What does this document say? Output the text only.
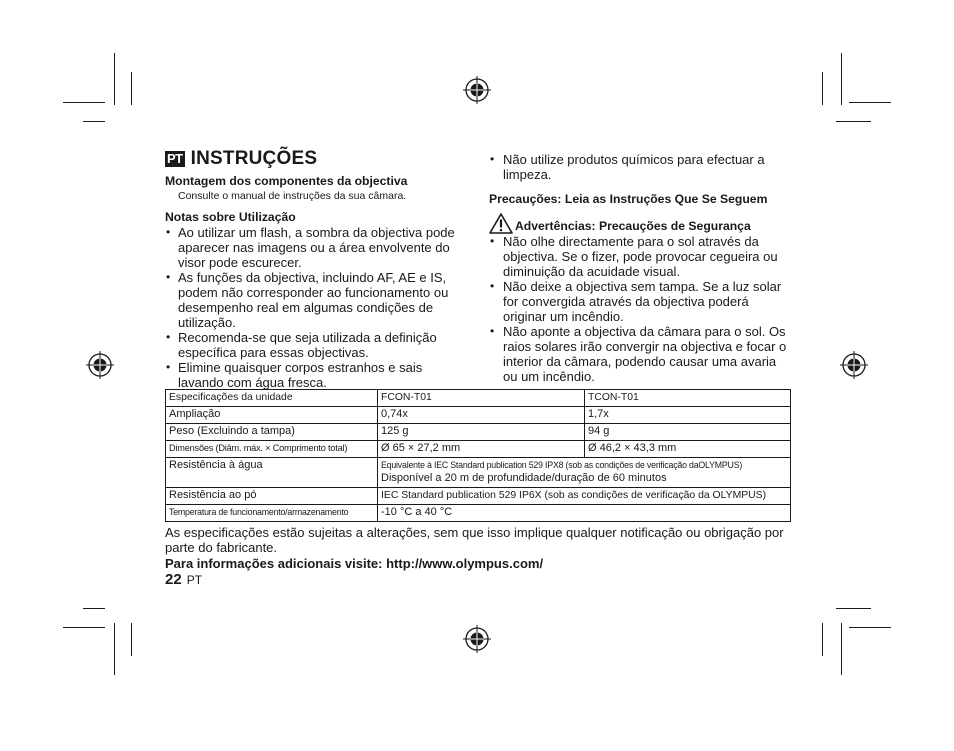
PT INSTRUÇÕES

Montagem dos componentes da objectiva

Consulte o manual de instruções da sua câmara.

Notas sobre Utilização

• Ao utilizar um flash, a sombra da objectiva pode aparecer nas imagens ou a área envolvente do visor pode escurecer.
• As funções da objectiva, incluindo AF, AE e IS, podem não corresponder ao funcionamento ou desempenho real em algumas condições de utilização.
• Recomenda-se que seja utilizada a definição específica para essas objectivas.
• Elimine quaisquer corpos estranhos e sais lavando com água fresca.
• Não utilize produtos químicos para efectuar a limpeza.

Precauções: Leia as Instruções Que Se Seguem

Advertências: Precauções de Segurança
• Não olhe directamente para o sol através da objectiva. Se o fizer, pode provocar cegueira ou diminuição da acuidade visual.
• Não deixe a objectiva sem tampa. Se a luz solar for convergida através da objectiva poderá originar um incêndio.
• Não aponte a objectiva da câmara para o sol. Os raios solares irão convergir na objectiva e focar o interior da câmara, podendo causar uma avaria ou um incêndio.
Especificações da unidade	FCON-T01	TCON-T01
Ampliação	0,74x	1,7x
Peso (Excluindo a tampa)	125 g	94 g
Dimensões (Diâm. máx. × Comprimento total)	Ø 65 × 27,2 mm	Ø 46,2 × 43,3 mm
Resistência à água	Equivalente à IEC Standard publication 529 IPX8 (sob as condições de verificação daOLYMPUS)
Disponível a 20 m de profundidade/duração de 60 minutos	

Resistência ao pó	IEC Standard publication 529 IP6X (sob as condições de verificação da OLYMPUS)	
Temperatura de funcionamento/armazenamento	-10 °C a 40 °C	

As especificações estão sujeitas a alterações, sem que isso implique qualquer notificação ou obrigação por parte do fabricante.

Para informações adicionais visite: http://www.olympus.com/

22 PT
